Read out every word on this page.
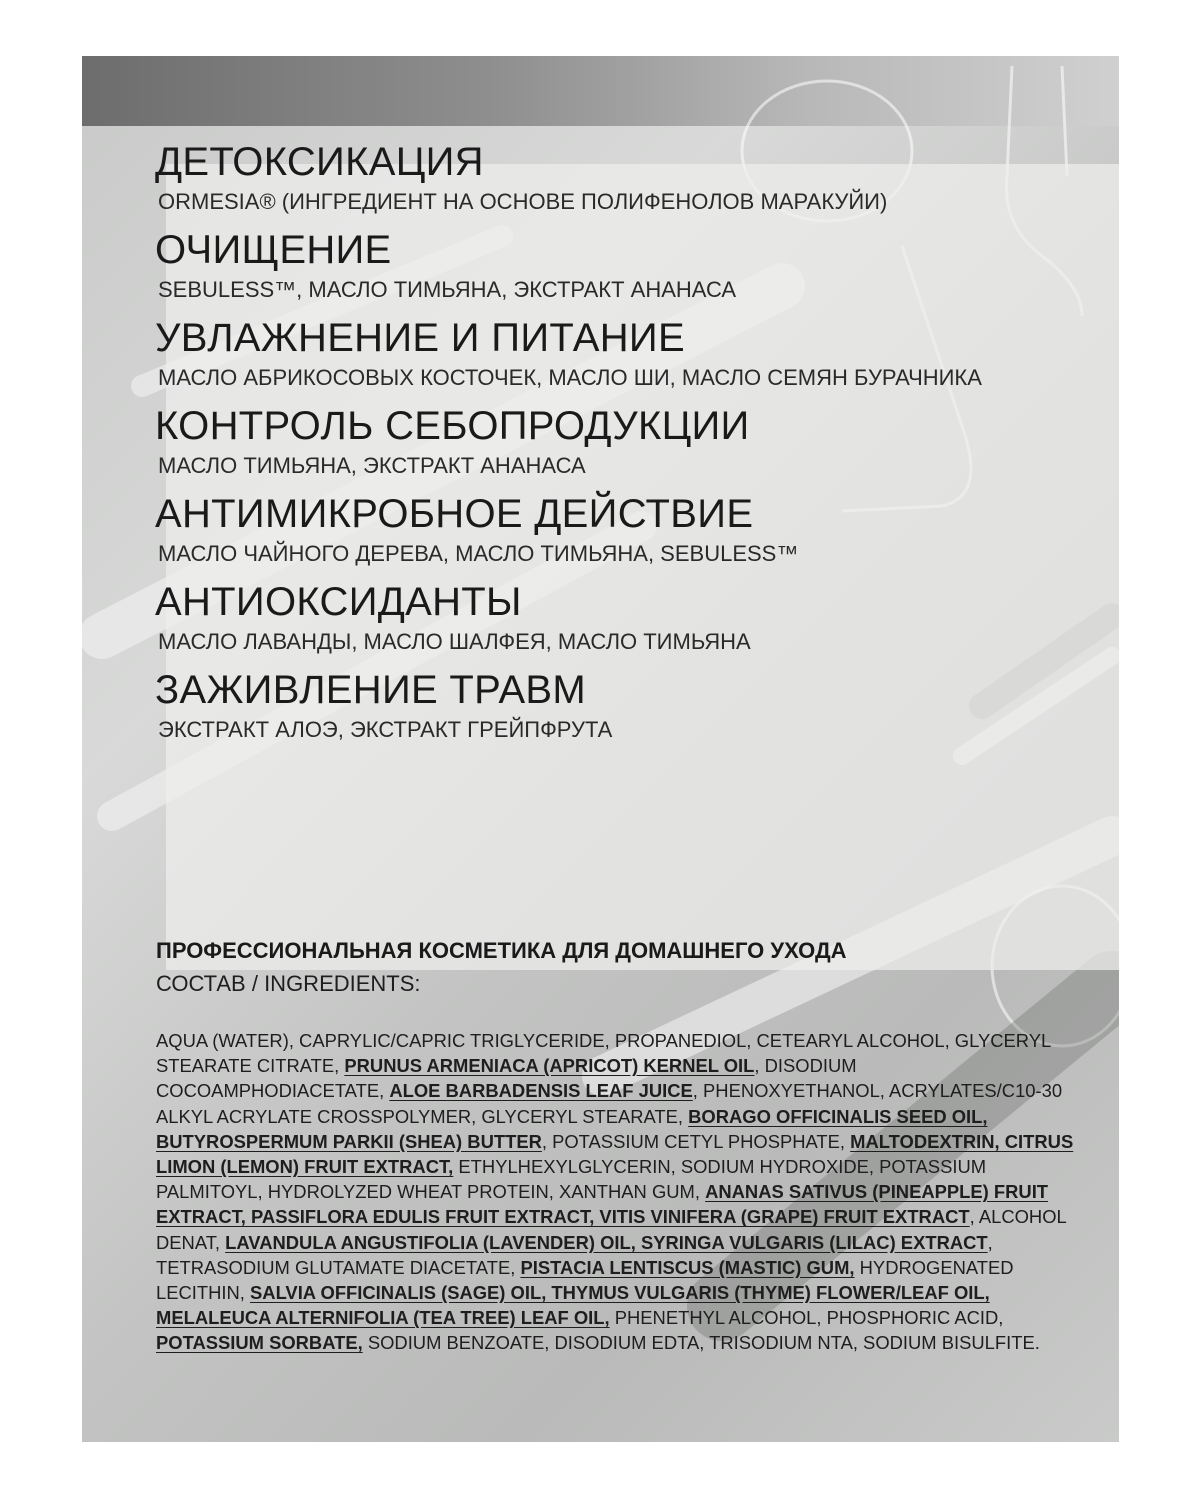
ДЕТОКСИКАЦИЯ
ORMESIA® (ИНГРЕДИЕНТ НА ОСНОВЕ ПОЛИФЕНОЛОВ МАРАКУЙИ)
ОЧИЩЕНИЕ
SEBULESS™, МАСЛО ТИМЬЯНА, ЭКСТРАКТ АНАНАСА
УВЛАЖНЕНИЕ И ПИТАНИЕ
МАСЛО АБРИКОСОВЫХ КОСТОЧЕК, МАСЛО ШИ, МАСЛО СЕМЯН БУРАЧНИКА
КОНТРОЛЬ СЕБОПРОДУКЦИИ
МАСЛО ТИМЬЯНА, ЭКСТРАКТ АНАНАСА
АНТИМИКРОБНОЕ ДЕЙСТВИЕ
МАСЛО ЧАЙНОГО ДЕРЕВА, МАСЛО ТИМЬЯНА, SEBULESS™
АНТИОКСИДАНТЫ
МАСЛО ЛАВАНДЫ, МАСЛО ШАЛФЕЯ, МАСЛО ТИМЬЯНА
ЗАЖИВЛЕНИЕ ТРАВМ
ЭКСТРАКТ АЛОЭ, ЭКСТРАКТ ГРЕЙПФРУТА
ПРОФЕССИОНАЛЬНАЯ КОСМЕТИКА ДЛЯ ДОМАШНЕГО УХОДА
СОСТАВ / INGREDIENTS:
AQUA (WATER), CAPRYLIC/CAPRIC TRIGLYCERIDE, PROPANEDIOL, CETEARYL ALCOHOL, GLYCERYL STEARATE CITRATE, PRUNUS ARMENIACA (APRICOT) KERNEL OIL, DISODIUM COCOAMPHODIACETATE, ALOE BARBADENSIS LEAF JUICE, PHENOXYETHANOL, ACRYLATES/C10-30 ALKYL ACRYLATE CROSSPOLYMER, GLYCERYL STEARATE, BORAGO OFFICINALIS SEED OIL, BUTYROSPERMUM PARKII (SHEA) BUTTER, POTASSIUM CETYL PHOSPHATE, MALTODEXTRIN, CITRUS LIMON (LEMON) FRUIT EXTRACT, ETHYLHEXYLGLYCERIN, SODIUM HYDROXIDE, POTASSIUM PALMITOYL, HYDROLYZED WHEAT PROTEIN, XANTHAN GUM, ANANAS SATIVUS (PINEAPPLE) FRUIT EXTRACT, PASSIFLORA EDULIS FRUIT EXTRACT, VITIS VINIFERA (GRAPE) FRUIT EXTRACT, ALCOHOL DENAT, LAVANDULA ANGUSTIFOLIA (LAVENDER) OIL, SYRINGA VULGARIS (LILAC) EXTRACT, TETRASODIUM GLUTAMATE DIACETATE, PISTACIA LENTISCUS (MASTIC) GUM, HYDROGENATED LECITHIN, SALVIA OFFICINALIS (SAGE) OIL, THYMUS VULGARIS (THYME) FLOWER/LEAF OIL, MELALEUCA ALTERNIFOLIA (TEA TREE) LEAF OIL, PHENETHYL ALCOHOL, PHOSPHORIC ACID, POTASSIUM SORBATE, SODIUM BENZOATE, DISODIUM EDTA, TRISODIUM NTA, SODIUM BISULFITE.
